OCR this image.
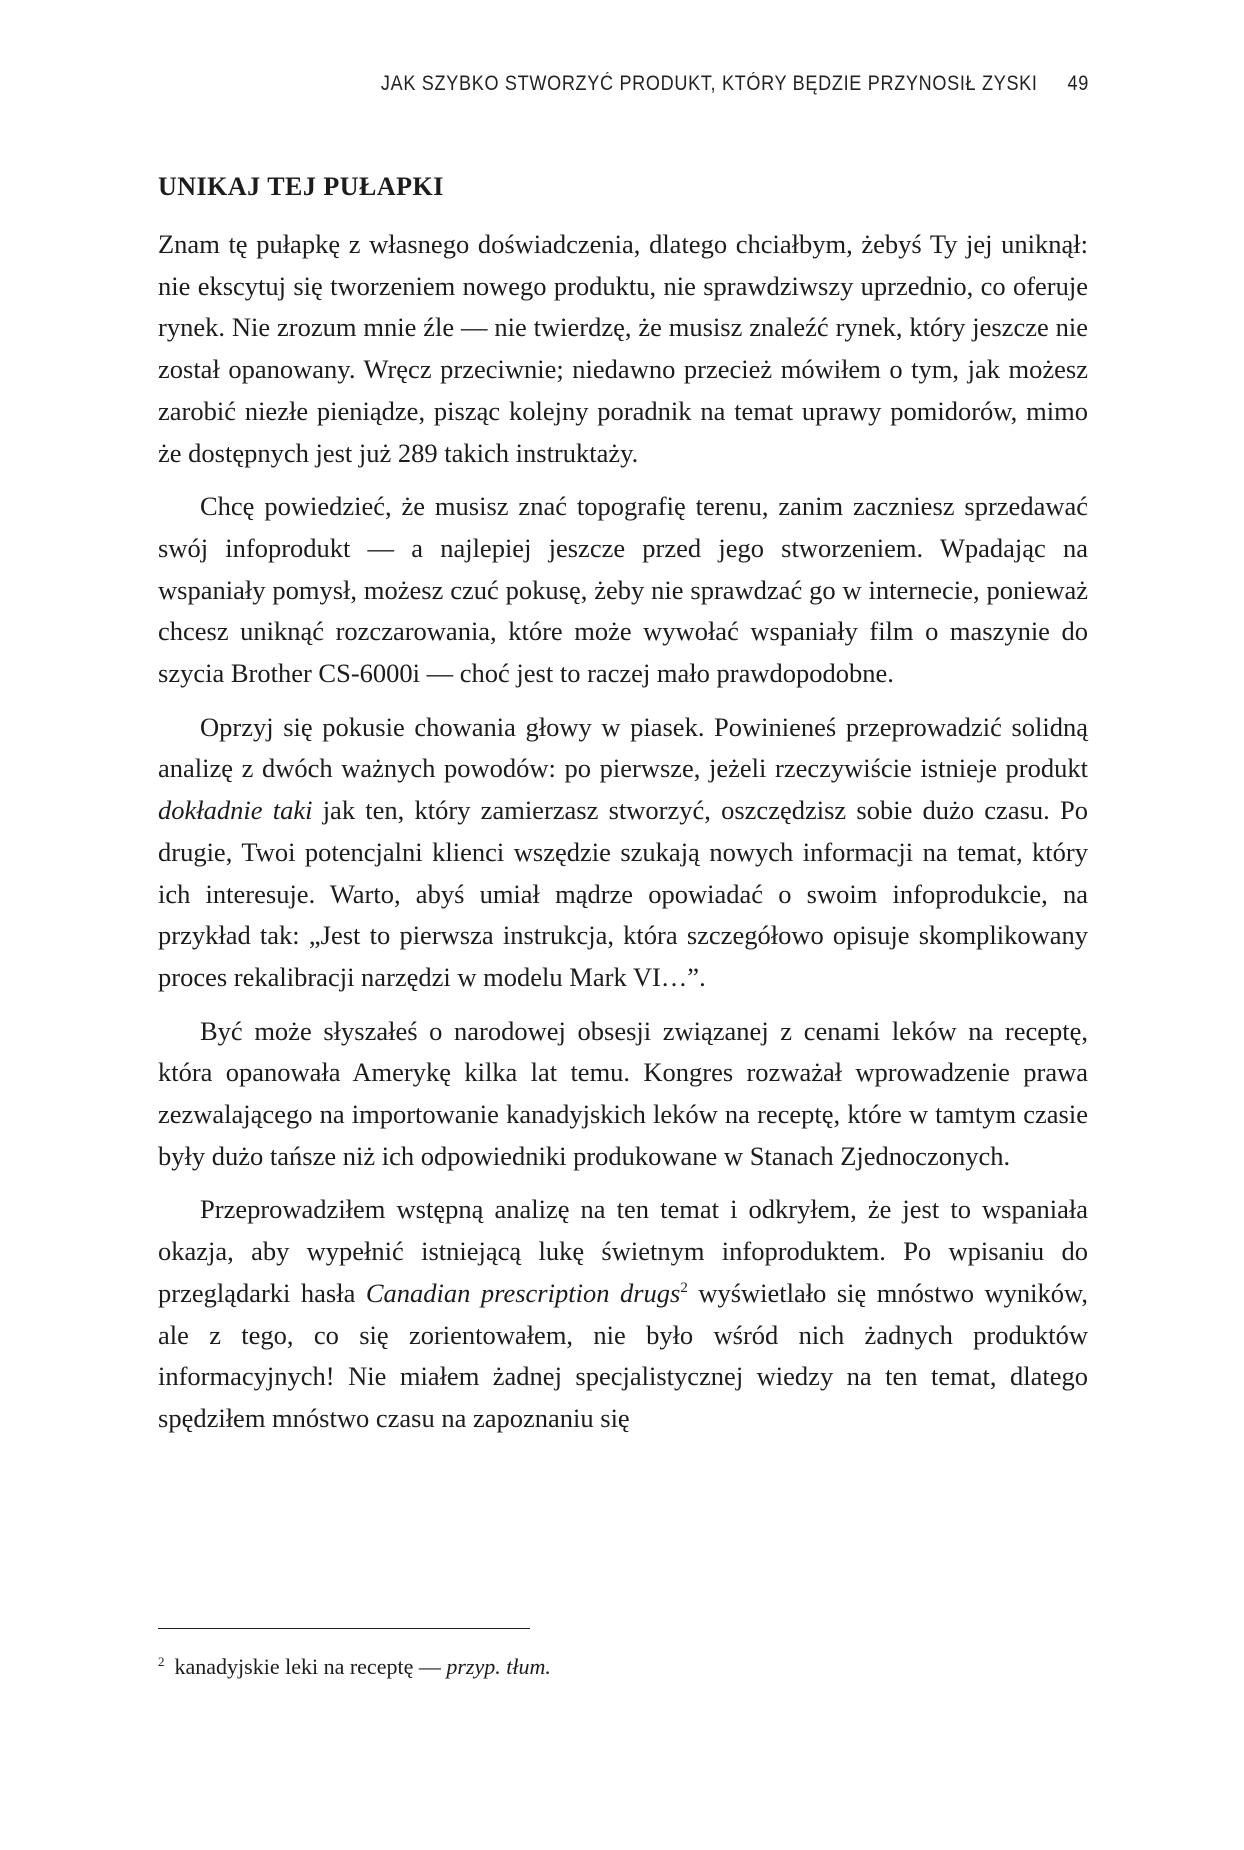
JAK SZYBKO STWORZYĆ PRODUKT, KTÓRY BĘDZIE PRZYNOSIŁ ZYSKI 49
UNIKAJ TEJ PUŁAPKI

Znam tę pułapkę z własnego doświadczenia, dlatego chciałbym, żebyś Ty jej uniknął: nie ekscytuj się tworzeniem nowego produktu, nie sprawdziwszy uprzednio, co oferuje rynek. Nie zrozum mnie źle — nie twierdzę, że musisz znaleźć rynek, który jeszcze nie został opanowany. Wręcz przeciwnie; niedawno przecież mówiłem o tym, jak możesz zarobić niezłe pieniądze, pisząc kolejny poradnik na temat uprawy pomidorów, mimo że dostępnych jest już 289 takich instruktaży.

Chcę powiedzieć, że musisz znać topografię terenu, zanim zaczniesz sprzedawać swój infoprodukt — a najlepiej jeszcze przed jego stworzeniem. Wpadając na wspaniały pomysł, możesz czuć pokusę, żeby nie sprawdzać go w internecie, ponieważ chcesz uniknąć rozczarowania, które może wywołać wspaniały film o maszynie do szycia Brother CS-6000i — choć jest to raczej mało prawdopodobne.

Oprzyj się pokusie chowania głowy w piasek. Powinieneś przeprowadzić solidną analizę z dwóch ważnych powodów: po pierwsze, jeżeli rzeczywiście istnieje produkt dokładnie taki jak ten, który zamierzasz stworzyć, oszczędzisz sobie dużo czasu. Po drugie, Twoi potencjalni klienci wszędzie szukają nowych informacji na temat, który ich interesuje. Warto, abyś umiał mądrze opowiadać o swoim infoprodukcie, na przykład tak: „Jest to pierwsza instrukcja, która szczegółowo opisuje skomplikowany proces rekalibracji narzędzi w modelu Mark VI…”.

Być może słyszałeś o narodowej obsesji związanej z cenami leków na receptę, która opanowała Amerykę kilka lat temu. Kongres rozważał wprowadzenie prawa zezwalającego na importowanie kanadyjskich leków na receptę, które w tamtym czasie były dużo tańsze niż ich odpowiedniki produkowane w Stanach Zjednoczonych.

Przeprowadziłem wstępną analizę na ten temat i odkryłem, że jest to wspaniała okazja, aby wypełnić istniejącą lukę świetnym infoproduktem. Po wpisaniu do przeglądarki hasła Canadian prescription drugs$^2$ wyświetlało się mnóstwo wyników, ale z tego, co się zorientowałem, nie było wśród nich żadnych produktów informacyjnych! Nie miałem żadnej specjalistycznej wiedzy na ten temat, dlatego spędziłem mnóstwo czasu na zapoznaniu się

$^2$ kanadyjskie leki na receptę — przyp. tłum.
